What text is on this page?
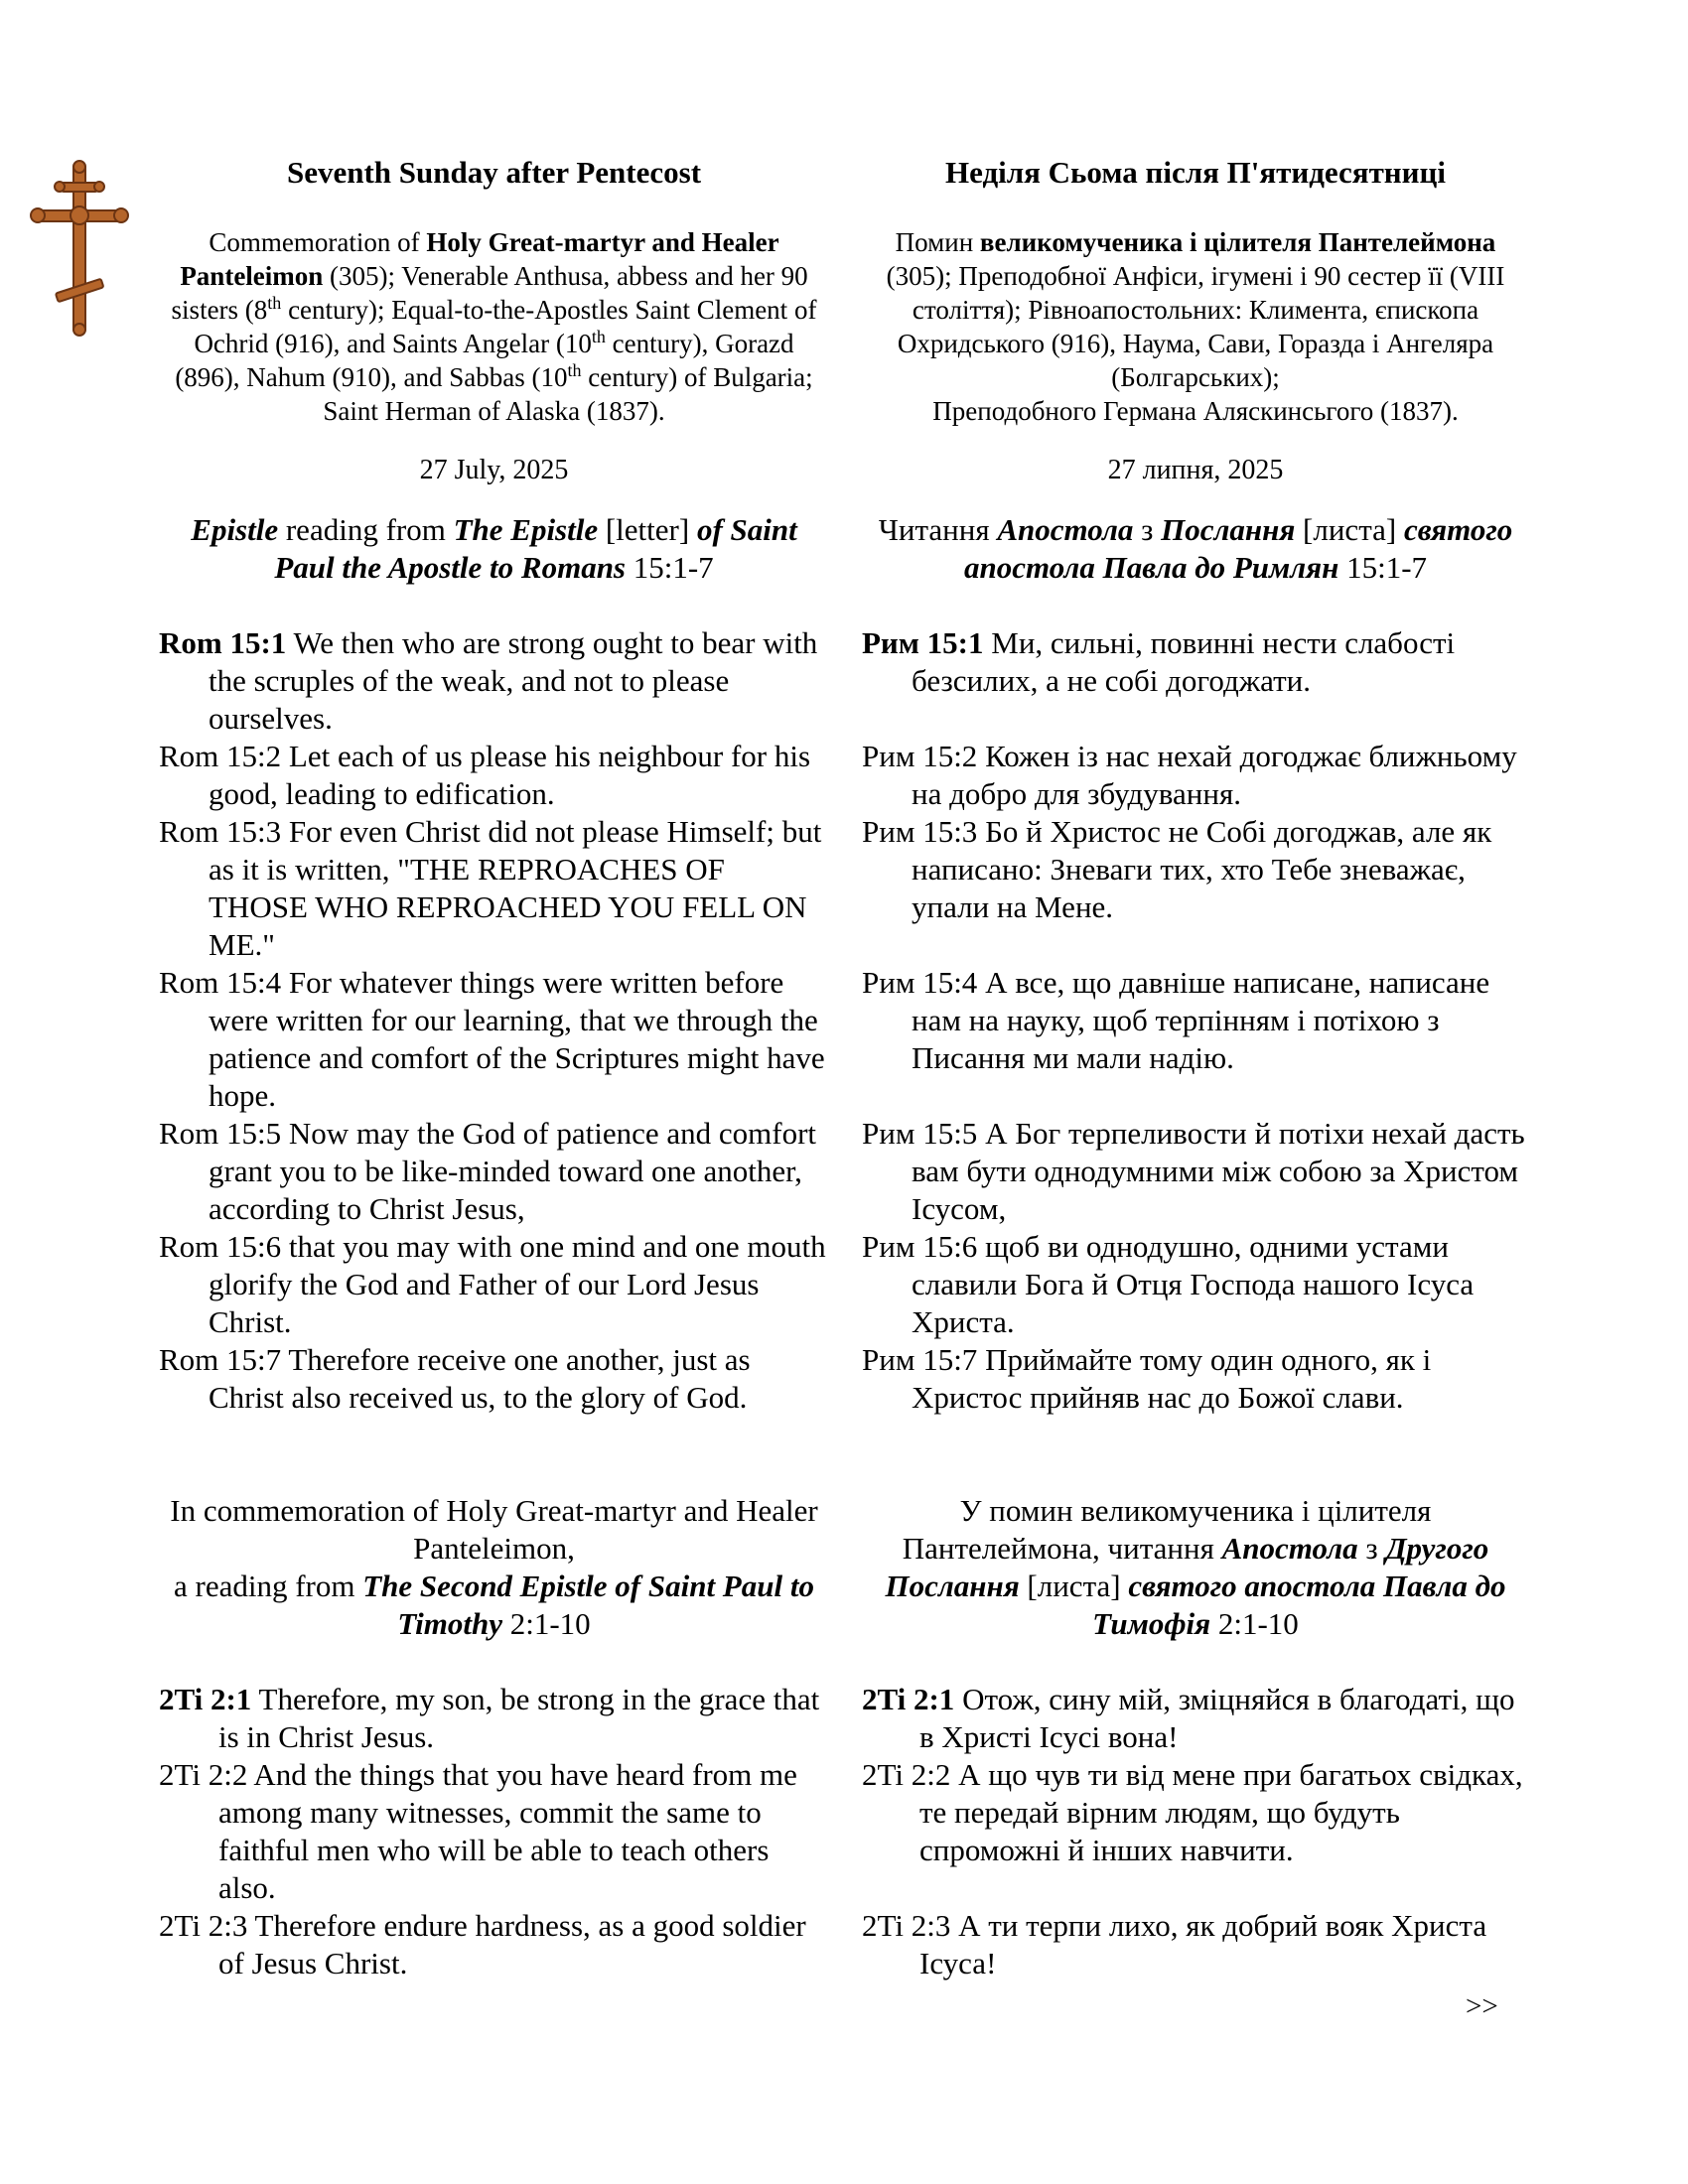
Seventh Sunday after Pentecost
Commemoration of Holy Great-martyr and Healer Panteleimon (305); Venerable Anthusa, abbess and her 90 sisters (8th century); Equal-to-the-Apostles Saint Clement of Ochrid (916), and Saints Angelar (10th century), Gorazd (896), Nahum (910), and Sabbas (10th century) of Bulgaria; Saint Herman of Alaska (1837).
27 July, 2025
Epistle reading from The Epistle [letter] of Saint Paul the Apostle to Romans 15:1-7

Rom 15:1 We then who are strong ought to bear with the scruples of the weak, and not to please ourselves.

Rom 15:2 Let each of us please his neighbour for his good, leading to edification.

Rom 15:3 For even Christ did not please Himself; but as it is written, "THE REPROACHES OF THOSE WHO REPROACHED YOU FELL ON ME."

Rom 15:4 For whatever things were written before were written for our learning, that we through the patience and comfort of the Scriptures might have hope.

Rom 15:5 Now may the God of patience and comfort grant you to be like-minded toward one another, according to Christ Jesus,

Rom 15:6 that you may with one mind and one mouth glorify the God and Father of our Lord Jesus Christ.

Rom 15:7 Therefore receive one another, just as Christ also received us, to the glory of God.

In commemoration of Holy Great-martyr and Healer Panteleimon,
a reading from The Second Epistle of Saint Paul to Timothy 2:1-10

2Ti 2:1 Therefore, my son, be strong in the grace that is in Christ Jesus.

2Ti 2:2 And the things that you have heard from me among many witnesses, commit the same to faithful men who will be able to teach others also.

2Ti 2:3 Therefore endure hardness, as a good soldier of Jesus Christ.

Неділя Сьома після П'ятидесятниці
Помин великомученика і цілителя Пантелеймона (305); Преподобної Анфіси, ігумені і 90 сестер її (VIII століття); Рівноапостольних: Климента, єпископа Охридського (916), Наума, Сави, Горазда і Ангеляра (Болгарських);
Преподобного Германа Аляскинсьгого (1837).
27 липня, 2025
Читання Апостола з Послання [листа] святого апостола Павла до Римлян 15:1-7

Рим 15:1 Ми, сильні, повинні нести слабості безсилих, а не собі догоджати.

Рим 15:2 Кожен із нас нехай догоджає ближньому на добро для збудування.

Рим 15:3 Бо й Христос не Собі догоджав, але як написано: Зневаги тих, хто Тебе зневажає, упали на Мене.

Рим 15:4 А все, що давніше написане, написане нам на науку, щоб терпінням і потіхою з Писання ми мали надію.

Рим 15:5 А Бог терпеливости й потіхи нехай дасть вам бути однодумними між собою за Христом Ісусом,

Рим 15:6 щоб ви однодушно, одними устами славили Бога й Отця Господа нашого Ісуса Христа.

Рим 15:7 Приймайте тому один одного, як і Христос прийняв нас до Божої слави.

У помин великомученика і цілителя Пантелеймона, читання Апостола з Другого Послання [листа] святого апостола Павла до Тимофія 2:1-10

2Ti 2:1 Отож, сину мій, зміцняйся в благодаті, що в Христі Ісусі вона!

2Ti 2:2 А що чув ти від мене при багатьох свідках, те передай вірним людям, що будуть спроможні й інших навчити.

2Ti 2:3 А ти терпи лихо, як добрий вояк Христа Ісуса!

>>
